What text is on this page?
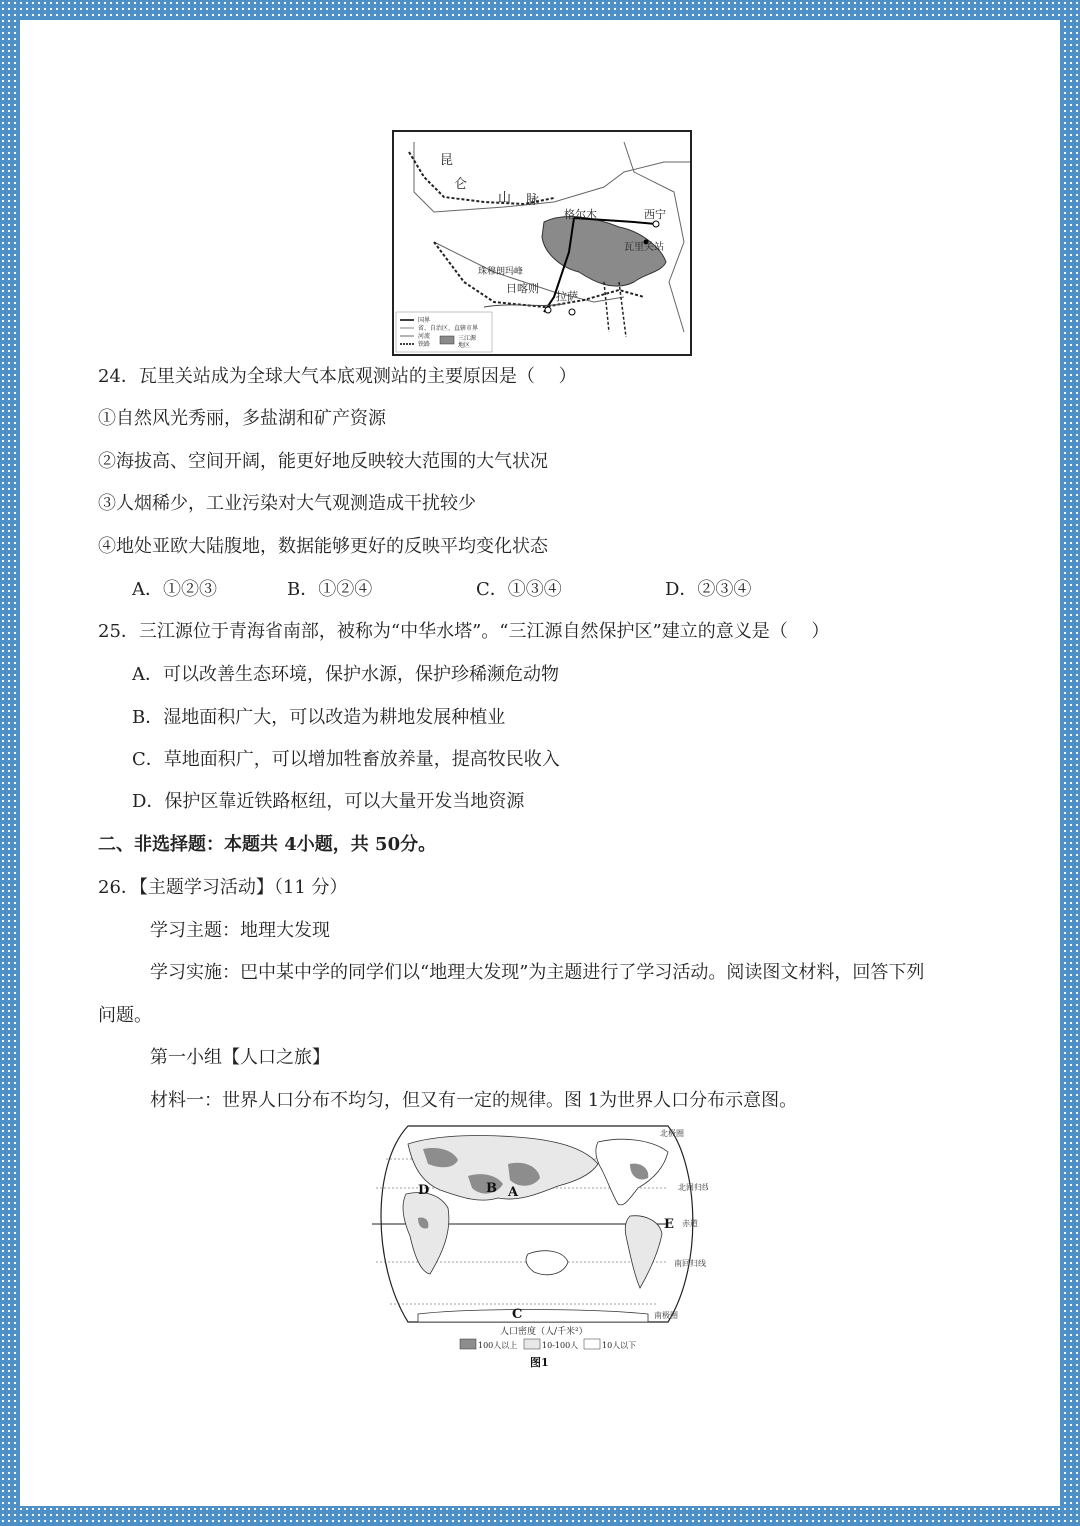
昆
仑
山 脉
格尔木	西宁
瓦里关站
珠穆朗玛峰
日喀则
拉萨
国界
省、自治区、直辖市界
河流
铁路
三江源
地区
24．瓦里关站成为全球大气本底观测站的主要原因是（　 ）
①自然风光秀丽，多盐湖和矿产资源
②海拔高、空间开阔，能更好地反映较大范围的大气状况
③人烟稀少，工业污染对大气观测造成干扰较少
④地处亚欧大陆腹地，数据能够更好的反映平均变化状态
A．①②③	B．①②④	C．①③④	D．②③④
25．三江源位于青海省南部，被称为“中华水塔”。“三江源自然保护区”建立的意义是（　 ）
A．可以改善生态环境，保护水源，保护珍稀濒危动物
B．湿地面积广大，可以改造为耕地发展种植业
C．草地面积广，可以增加牲畜放养量，提高牧民收入
D．保护区靠近铁路枢纽，可以大量开发当地资源
二、非选择题：本题共 4小题，共 50分。
26．【主题学习活动】（11 分）
学习主题：地理大发现
学习实施：巴中某中学的同学们以“地理大发现”为主题进行了学习活动。阅读图文材料，回答下列
问题。
第一小组【人口之旅】
材料一：世界人口分布不均匀，但又有一定的规律。图 1为世界人口分布示意图。
A
B
C
D
E
北极圈
北回归线
赤道
南回归线
南极圈
人口密度（人/千米²）
100人以上	10-100人	10人以下
图1
